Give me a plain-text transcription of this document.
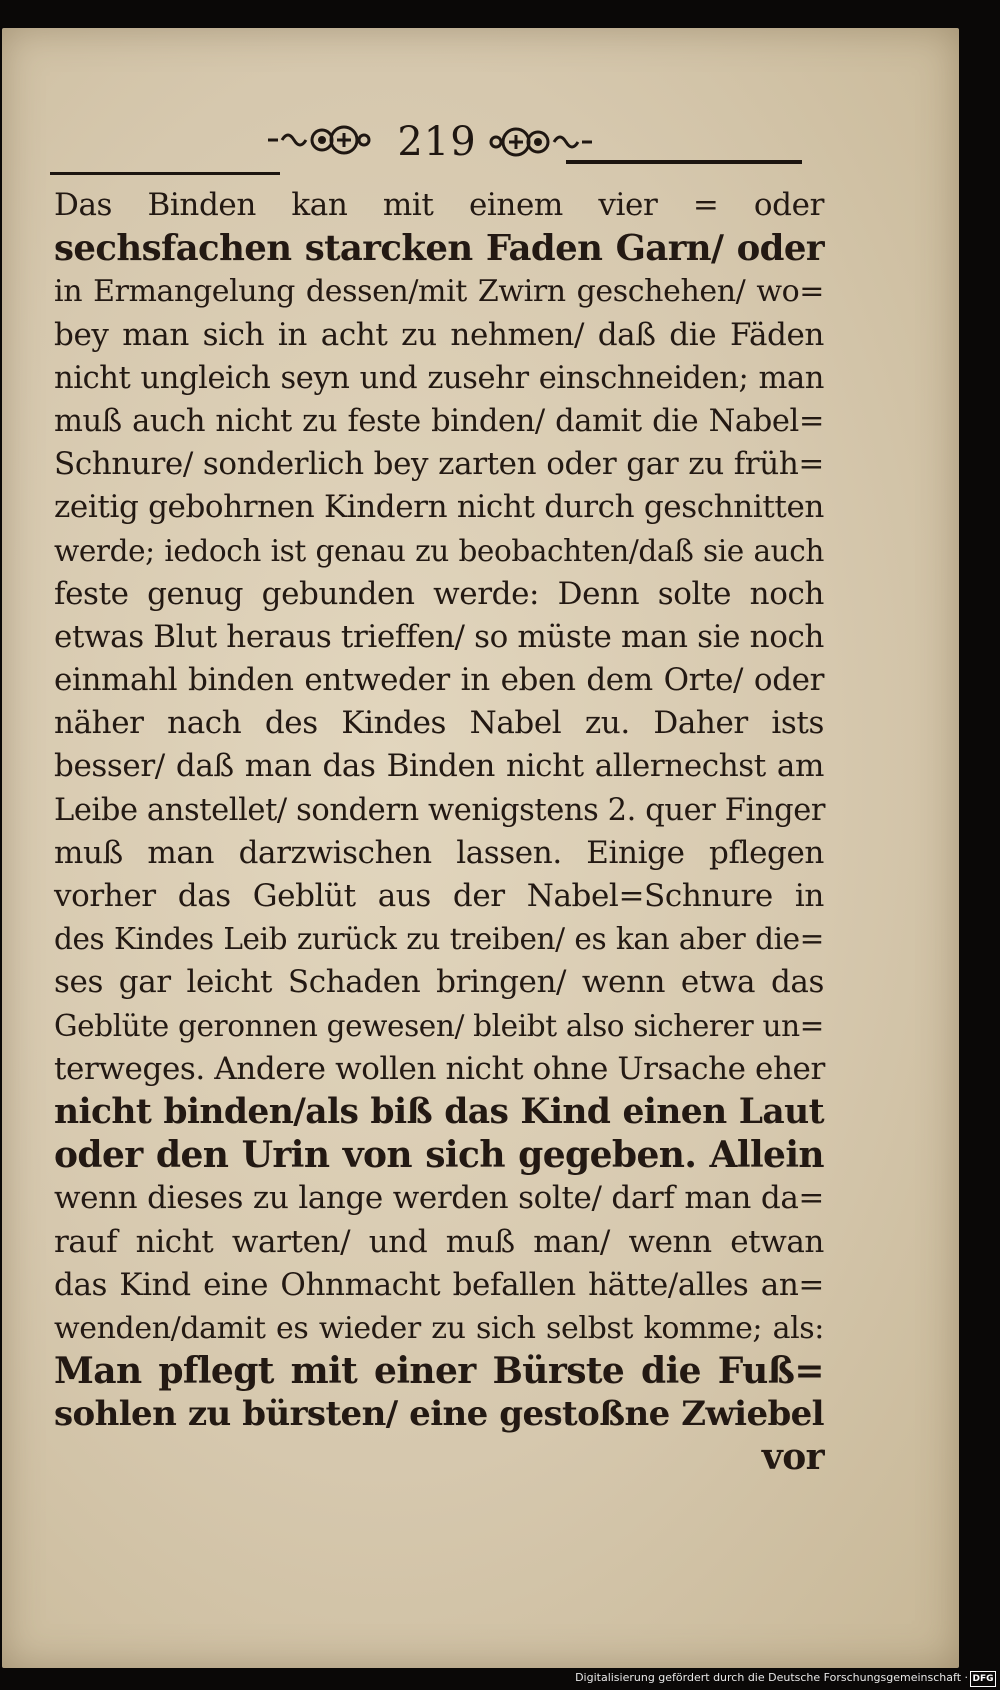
219
Das Binden kan mit einem vier = oder
sechsfachen starcken Faden Garn/ oder
in Ermangelung dessen/mit Zwirn geschehen/ wo=
bey man sich in acht zu nehmen/ daß die Fäden
nicht ungleich seyn und zusehr einschneiden; man
muß auch nicht zu feste binden/ damit die Nabel=
Schnure/ sonderlich bey zarten oder gar zu früh=
zeitig gebohrnen Kindern nicht durch geschnitten
werde; iedoch ist genau zu beobachten/daß sie auch
feste genug gebunden werde: Denn solte noch
etwas Blut heraus trieffen/ so müste man sie noch
einmahl binden entweder in eben dem Orte/ oder
näher nach des Kindes Nabel zu. Daher ists
besser/ daß man das Binden nicht allernechst am
Leibe anstellet/ sondern wenigstens 2. quer Finger
muß man darzwischen lassen. Einige pflegen
vorher das Geblüt aus der Nabel=Schnure in
des Kindes Leib zurück zu treiben/ es kan aber die=
ses gar leicht Schaden bringen/ wenn etwa das
Geblüte geronnen gewesen/ bleibt also sicherer un=
terweges. Andere wollen nicht ohne Ursache eher
nicht binden/als biß das Kind einen Laut
oder den Urin von sich gegeben. Allein
wenn dieses zu lange werden solte/ darf man da=
rauf nicht warten/ und muß man/ wenn etwan
das Kind eine Ohnmacht befallen hätte/alles an=
wenden/damit es wieder zu sich selbst komme; als:
Man pflegt mit einer Bürste die Fuß=
sohlen zu bürsten/ eine gestoßne Zwiebel
vor
Digitalisierung gefördert durch die Deutsche Forschungsgemeinschaft · DFG
